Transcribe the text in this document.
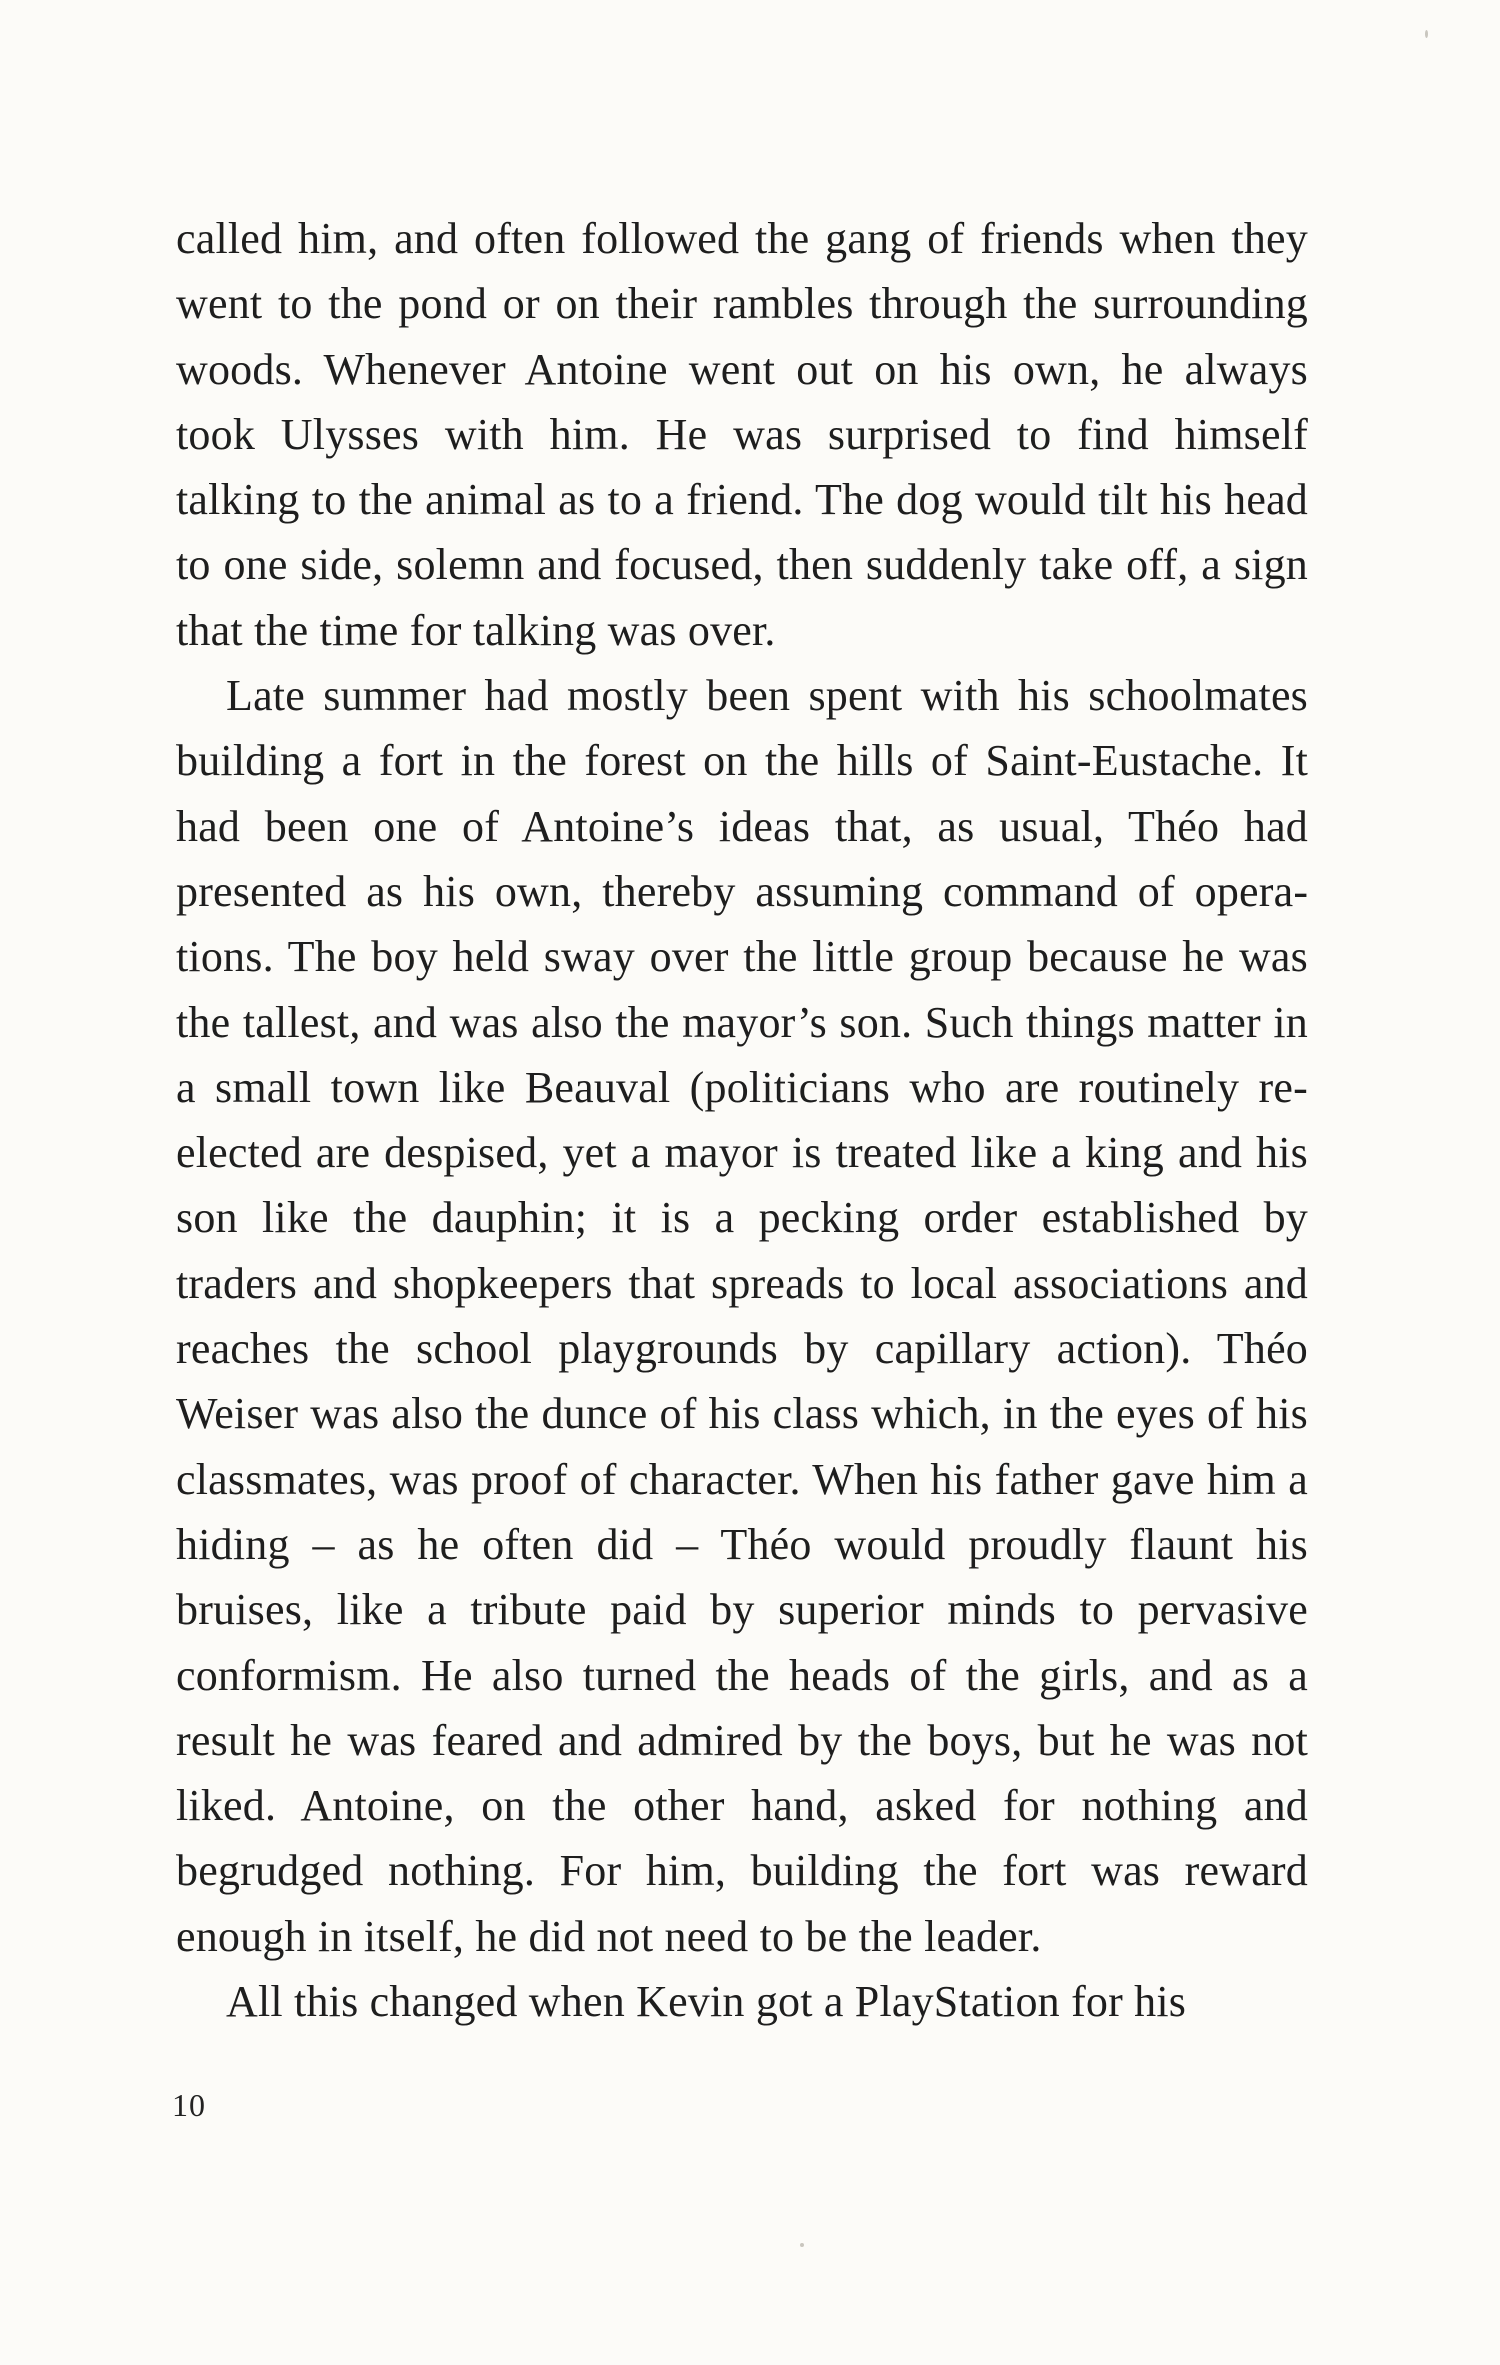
called him, and often followed the gang of friends when they went to the pond or on their rambles through the surrounding woods. Whenever Antoine went out on his own, he always took Ulysses with him. He was surprised to find himself talking to the animal as to a friend. The dog would tilt his head to one side, solemn and focused, then suddenly take off, a sign that the time for talking was over.

Late summer had mostly been spent with his schoolmates building a fort in the forest on the hills of Saint-Eustache. It had been one of Antoine’s ideas that, as usual, Théo had presented as his own, thereby assuming command of operations. The boy held sway over the little group because he was the tallest, and was also the mayor’s son. Such things matter in a small town like Beauval (politicians who are routinely re-elected are despised, yet a mayor is treated like a king and his son like the dauphin; it is a pecking order established by traders and shopkeepers that spreads to local associations and reaches the school playgrounds by capillary action). Théo Weiser was also the dunce of his class which, in the eyes of his classmates, was proof of character. When his father gave him a hiding – as he often did – Théo would proudly flaunt his bruises, like a tribute paid by superior minds to pervasive conformism. He also turned the heads of the girls, and as a result he was feared and admired by the boys, but he was not liked. Antoine, on the other hand, asked for nothing and begrudged nothing. For him, building the fort was reward enough in itself, he did not need to be the leader.

All this changed when Kevin got a PlayStation for his

10
